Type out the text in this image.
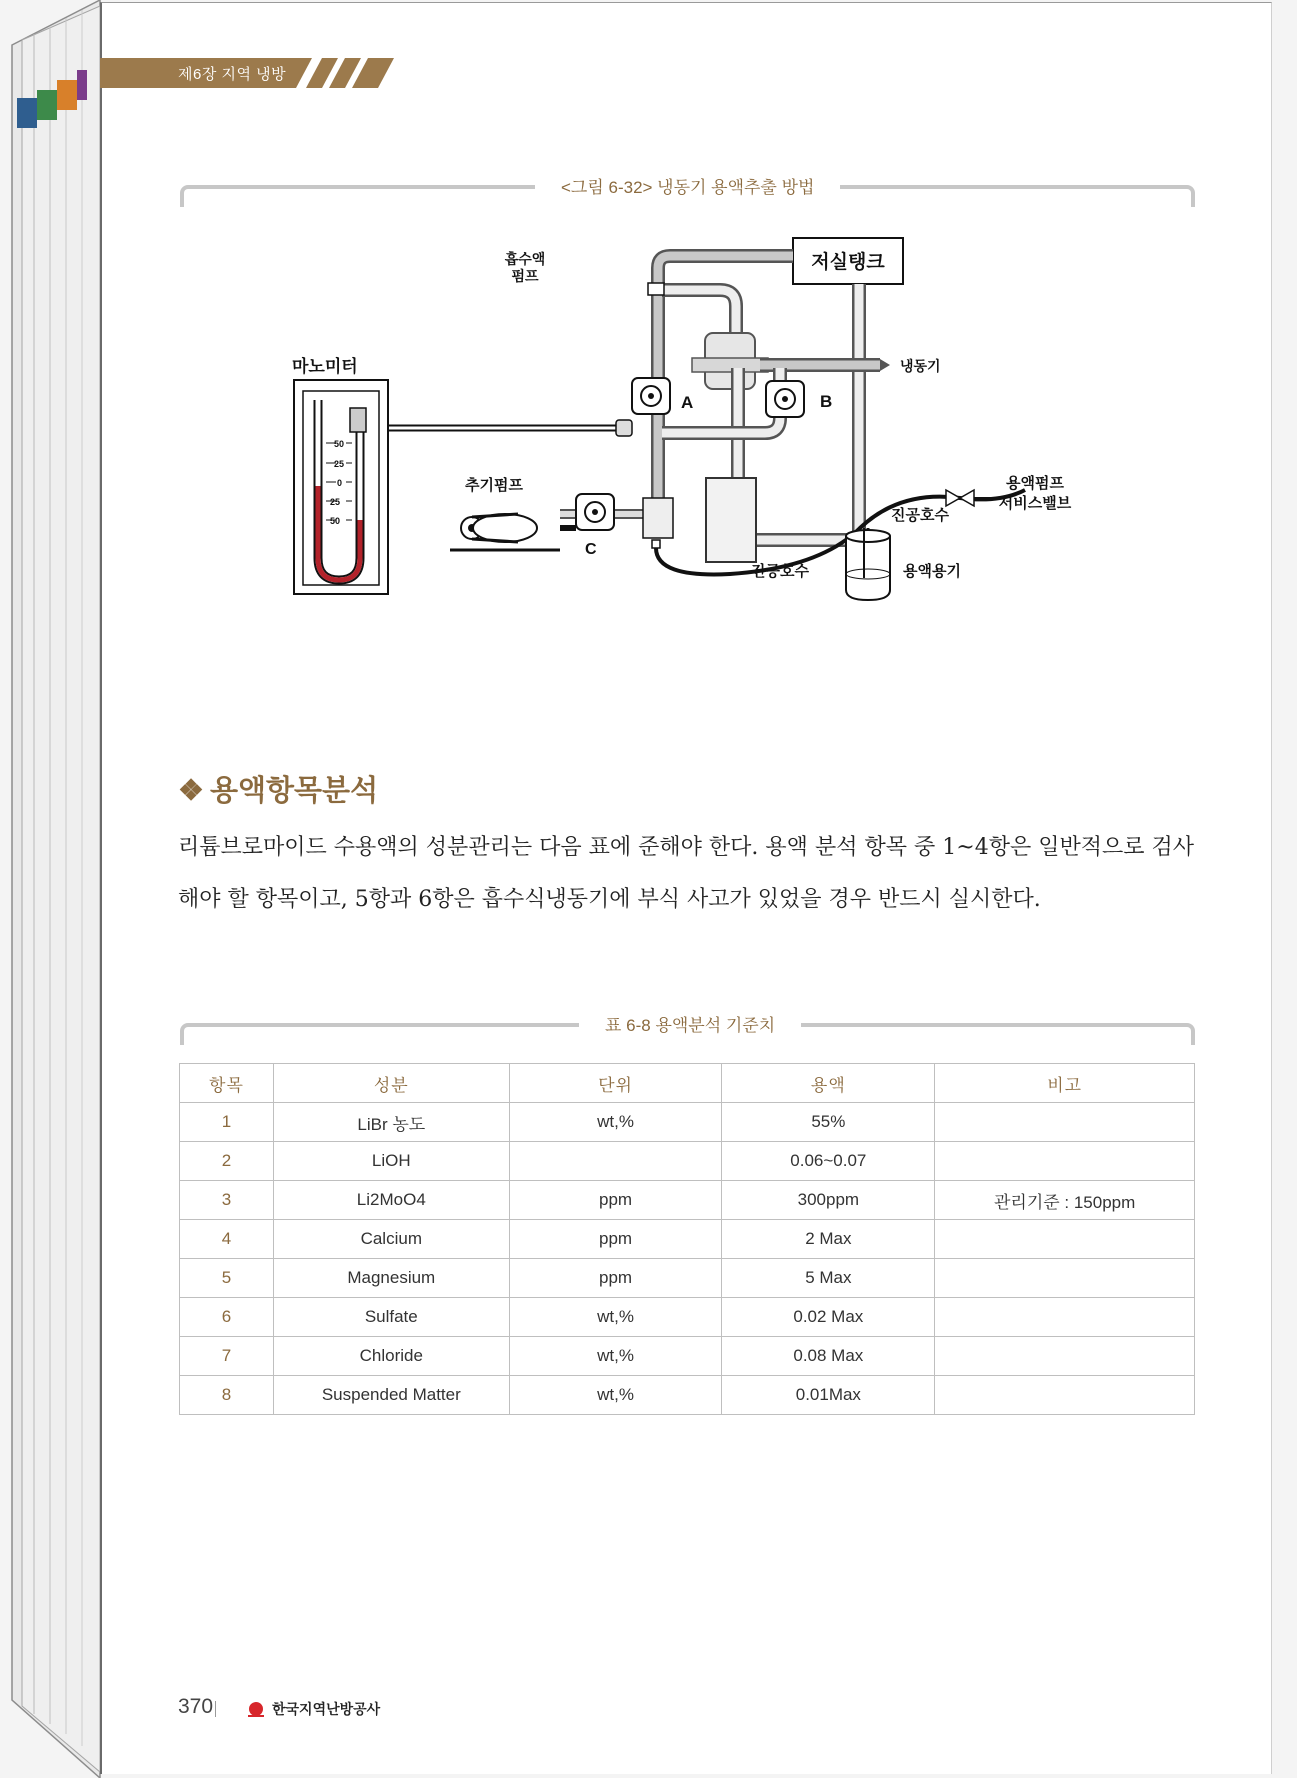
제6장 지역 냉방
<그림 6-32> 냉동기 용액추출 방법
저실탱크
흡수액
펌프
냉동기
A	B
마노미터
50
25
0
25
50
추기펌프
C
용액펌프
서비스밸브
진공호수
진공호수
용액용기
❖ 용액항목분석

리튬브로마이드 수용액의 성분관리는 다음 표에 준해야 한다. 용액 분석 항목 중 1~4항은 일반적으로 검사해야 할 항목이고, 5항과 6항은 흡수식냉동기에 부식 사고가 있었을 경우 반드시 실시한다.

표 6-8 용액분석 기준치
항목	성분	단위	용액	비고
1	LiBr 농도	wt,%	55%	
2	LiOH		0.06~0.07	
3	Li2MoO4	ppm	300ppm	관리기준 : 150ppm
4	Calcium	ppm	2 Max	
5	Magnesium	ppm	5 Max	
6	Sulfate	wt,%	0.02 Max	
7	Chloride	wt,%	0.08 Max	
8	Suspended Matter	wt,%	0.01Max	
370	한국지역난방공사
